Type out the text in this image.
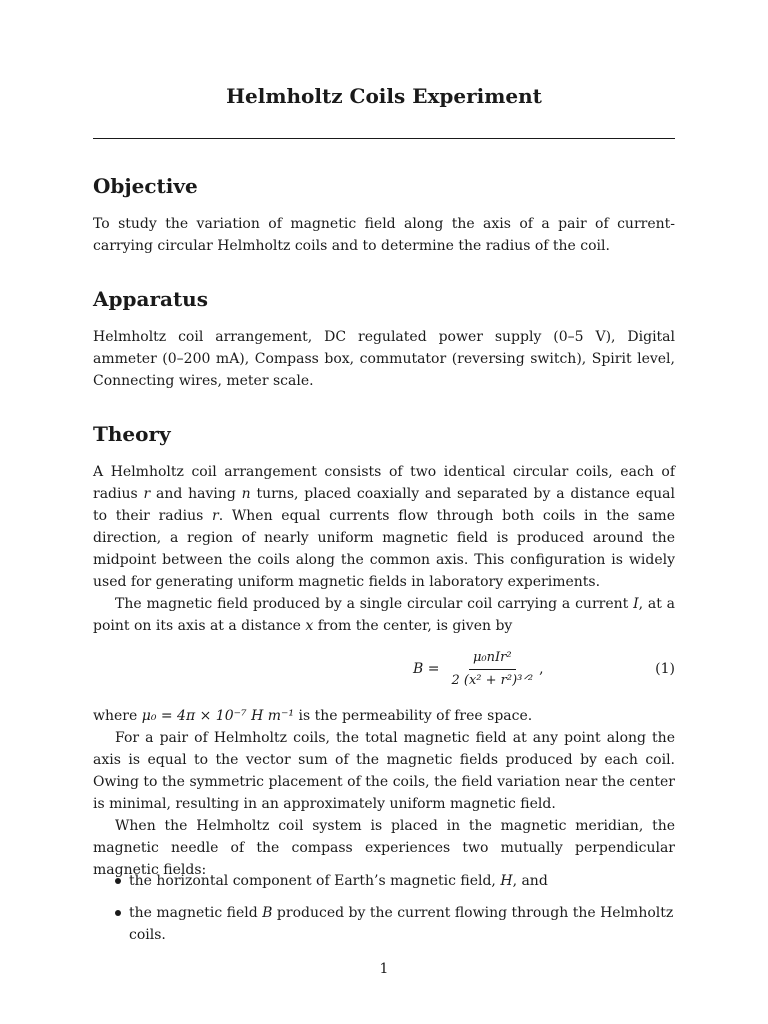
Helmholtz Coils Experiment
Objective
To study the variation of magnetic field along the axis of a pair of current-carrying circular Helmholtz coils and to determine the radius of the coil.
Apparatus
Helmholtz coil arrangement, DC regulated power supply (0–5 V), Digital ammeter (0–200 mA), Compass box, commutator (reversing switch), Spirit level, Connecting wires, meter scale.
Theory
A Helmholtz coil arrangement consists of two identical circular coils, each of radius r and having n turns, placed coaxially and separated by a distance equal to their radius r. When equal currents flow through both coils in the same direction, a region of nearly uniform magnetic field is produced around the midpoint between the coils along the common axis. This configuration is widely used for generating uniform magnetic fields in laboratory experiments.
The magnetic field produced by a single circular coil carrying a current I, at a point on its axis at a distance x from the center, is given by
$B = \frac{\text{μ₀nIr²}}{\text{2 (x² + r²)³ᐟ²}}$ ,	(1)
where μ₀ = 4π × 10⁻⁷ H m⁻¹ is the permeability of free space.
For a pair of Helmholtz coils, the total magnetic field at any point along the axis is equal to the vector sum of the magnetic fields produced by each coil. Owing to the symmetric placement of the coils, the field variation near the center is minimal, resulting in an approximately uniform magnetic field.
When the Helmholtz coil system is placed in the magnetic meridian, the magnetic needle of the compass experiences two mutually perpendicular magnetic fields:
the horizontal component of Earth’s magnetic field, H, and
the magnetic field B produced by the current flowing through the Helmholtz coils.
1
